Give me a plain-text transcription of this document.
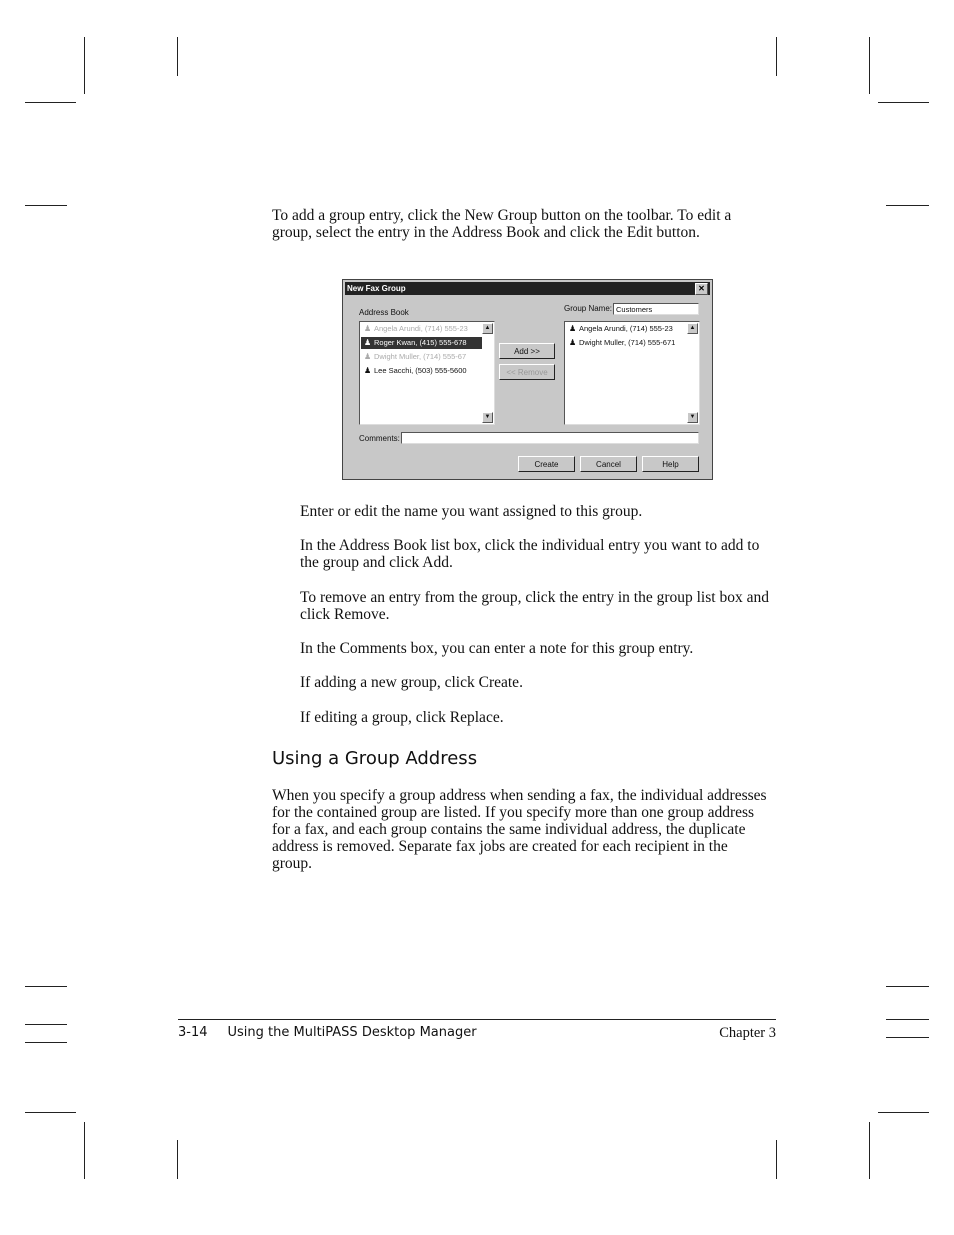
To add a group entry, click the New Group button on the toolbar. To edit a group, select the entry in the Address Book and click the Edit button.

New Fax Group	✕
Address Book
♟ Angela Arundi, (714) 555-23
♟ Roger Kwan, (415) 555-678
♟ Dwight Muller, (714) 555-67
♟ Lee Sacchi, (503) 555-5600
▲
▼
Add >>
<< Remove
Group Name: Customers
♟ Angela Arundi, (714) 555-23
♟ Dwight Muller, (714) 555-671
▲
▼
Comments:
Create	Cancel	Help

Enter or edit the name you want assigned to this group.

In the Address Book list box, click the individual entry you want to add to the group and click Add.

To remove an entry from the group, click the entry in the group list box and click Remove.

In the Comments box, you can enter a note for this group entry.

If adding a new group, click Create.

If editing a group, click Replace.

Using a Group Address

When you specify a group address when sending a fax, the individual addresses for the contained group are listed. If you specify more than one group address for a fax, and each group contains the same individual address, the duplicate address is removed. Separate fax jobs are created for each recipient in the group.

3-14 Using the MultiPASS Desktop Manager	Chapter 3
